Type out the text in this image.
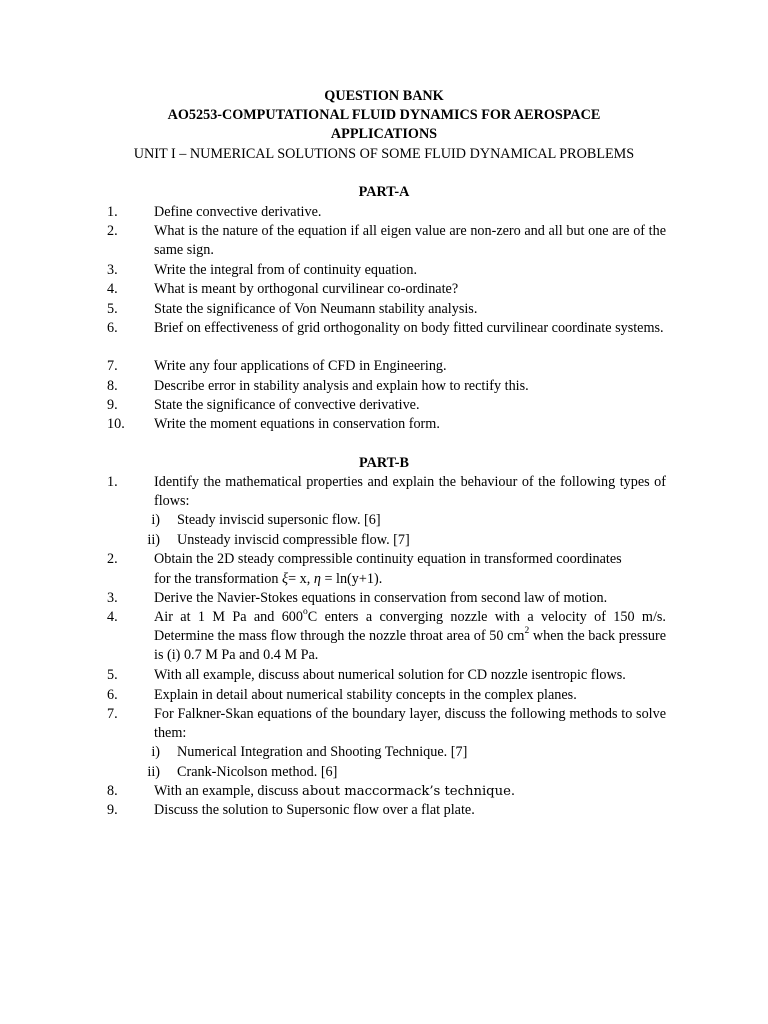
QUESTION BANK
AO5253-COMPUTATIONAL FLUID DYNAMICS FOR AEROSPACE
APPLICATIONS
UNIT I – NUMERICAL SOLUTIONS OF SOME FLUID DYNAMICAL PROBLEMS
PART-A
1.	Define convective derivative.
2.	What is the nature of the equation if all eigen value are non-zero and all but one are of the same sign.
3.	Write the integral from of continuity equation.
4.	What is meant by orthogonal curvilinear co-ordinate?
5.	State the significance of Von Neumann stability analysis.
6.	Brief on effectiveness of grid orthogonality on body fitted curvilinear coordinate systems.
7.	Write any four applications of CFD in Engineering.
8.	Describe error in stability analysis and explain how to rectify this.
9.	State the significance of convective derivative.
10. Write the moment equations in conservation form.
PART-B
1.	Identify the mathematical properties and explain the behaviour of the following types of flows:
i) Steady inviscid supersonic flow. [6]
ii) Unsteady inviscid compressible flow. [7]
2.	Obtain the 2D steady compressible continuity equation in transformed coordinates
for the transformation ξ= x, η = ln(y+1).
3.	Derive the Navier-Stokes equations in conservation from second law of motion.
4.	Air at 1 M Pa and 600$^o$C enters a converging nozzle with a velocity of 150 m/s. Determine the mass flow through the nozzle throat area of 50 $cm^2$ when the back pressure is (i) 0.7 M Pa and 0.4 M Pa.
5.	With all example, discuss about numerical solution for CD nozzle isentropic flows.
6.	Explain in detail about numerical stability concepts in the complex planes.
7.	For Falkner-Skan equations of the boundary layer, discuss the following methods to solve them:
i) Numerical Integration and Shooting Technique. [7]
ii) Crank-Nicolson method. [6]
8.	With an example, discuss about maccormack’s technique.
9.	Discuss the solution to Supersonic flow over a flat plate.
